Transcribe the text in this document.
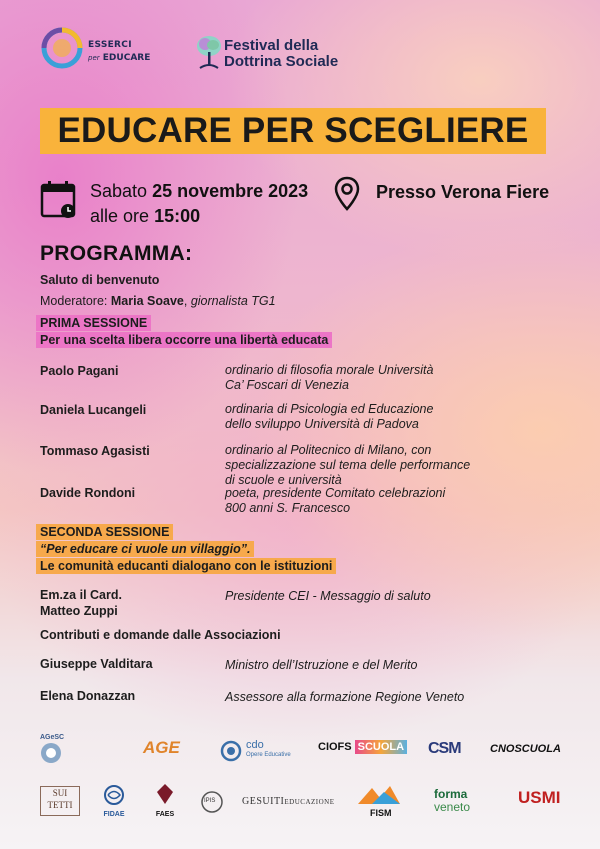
ESSERCI
per EDUCARE
Festival della
Dottrina Sociale
EDUCARE PER SCEGLIERE
Sabato 25 novembre 2023
alle ore 15:00
Presso Verona Fiere
PROGRAMMA:
Saluto di benvenuto
Moderatore: Maria Soave, giornalista TG1
PRIMA SESSIONE
Per una scelta libera occorre una libertà educata
Paolo Pagani	ordinario di filosofia morale Università
Ca’ Foscari di Venezia
Daniela Lucangeli	ordinaria di Psicologia ed Educazione
dello sviluppo Università di Padova
Tommaso Agasisti	ordinario al Politecnico di Milano, con
specializzazione sul tema delle performance
di scuole e università
Davide Rondoni	poeta, presidente Comitato celebrazioni
800 anni S. Francesco
SECONDA SESSIONE
“Per educare ci vuole un villaggio”.
Le comunità educanti dialogano con le istituzioni
Em.za il Card.
Matteo Zuppi
Presidente CEI - Messaggio di saluto
Contributi e domande dalle Associazioni
Giuseppe Valditara	Ministro dell’Istruzione e del Merito
Elena Donazzan	Assessore alla formazione Regione Veneto
AGeSC
AGE	cdo
Opere Educative
CIOFS SCUOLA CSM	CNOSCUOLA
SUI
TETTI
FIDAE	FAES
IPIS	GESUITIEDUCAZIONE
FISM
forma
veneto	USMI
